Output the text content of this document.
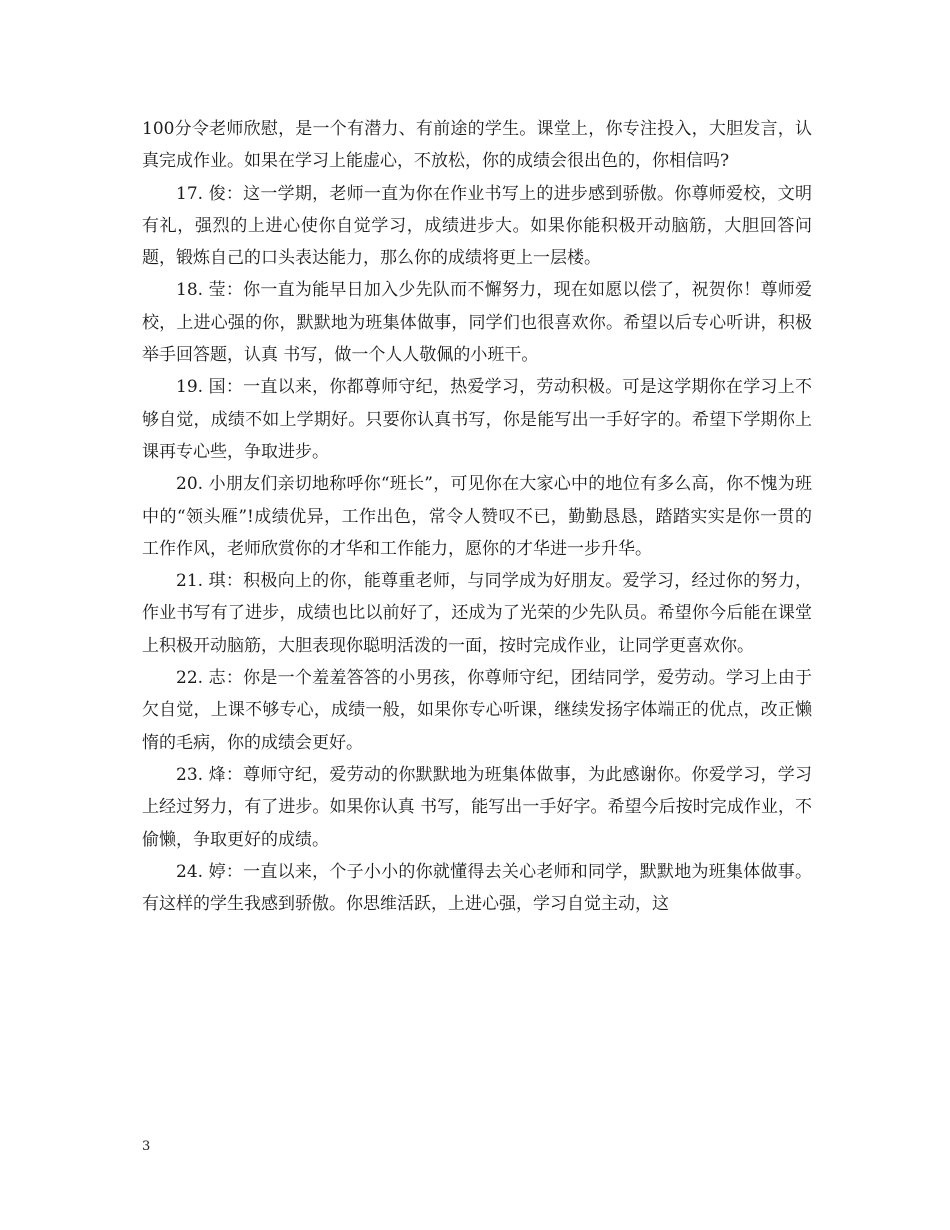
100分令老师欣慰，是一个有潜力、有前途的学生。课堂上，你专注投入，大胆发言，认真完成作业。如果在学习上能虚心，不放松，你的成绩会很出色的，你相信吗?

17. 俊：这一学期，老师一直为你在作业书写上的进步感到骄傲。你尊师爱校，文明有礼，强烈的上进心使你自觉学习，成绩进步大。如果你能积极开动脑筋，大胆回答问题，锻炼自己的口头表达能力，那么你的成绩将更上一层楼。

18. 莹：你一直为能早日加入少先队而不懈努力，现在如愿以偿了，祝贺你！尊师爱校，上进心强的你，默默地为班集体做事，同学们也很喜欢你。希望以后专心听讲，积极举手回答题，认真 书写，做一个人人敬佩的小班干。

19. 国：一直以来，你都尊师守纪，热爱学习，劳动积极。可是这学期你在学习上不够自觉，成绩不如上学期好。只要你认真书写，你是能写出一手好字的。希望下学期你上课再专心些，争取进步。

20. 小朋友们亲切地称呼你“班长”，可见你在大家心中的地位有多么高，你不愧为班中的“领头雁”!成绩优异，工作出色，常令人赞叹不已，勤勤恳恳，踏踏实实是你一贯的工作作风，老师欣赏你的才华和工作能力，愿你的才华进一步升华。

21. 琪：积极向上的你，能尊重老师，与同学成为好朋友。爱学习，经过你的努力，作业书写有了进步，成绩也比以前好了，还成为了光荣的少先队员。希望你今后能在课堂上积极开动脑筋，大胆表现你聪明活泼的一面，按时完成作业，让同学更喜欢你。

22. 志：你是一个羞羞答答的小男孩，你尊师守纪，团结同学，爱劳动。学习上由于欠自觉，上课不够专心，成绩一般，如果你专心听课，继续发扬字体端正的优点，改正懒惰的毛病，你的成绩会更好。

23. 烽：尊师守纪，爱劳动的你默默地为班集体做事，为此感谢你。你爱学习，学习上经过努力，有了进步。如果你认真 书写，能写出一手好字。希望今后按时完成作业，不偷懒，争取更好的成绩。

24. 婷：一直以来，个子小小的你就懂得去关心老师和同学，默默地为班集体做事。有这样的学生我感到骄傲。你思维活跃，上进心强，学习自觉主动，这

3
